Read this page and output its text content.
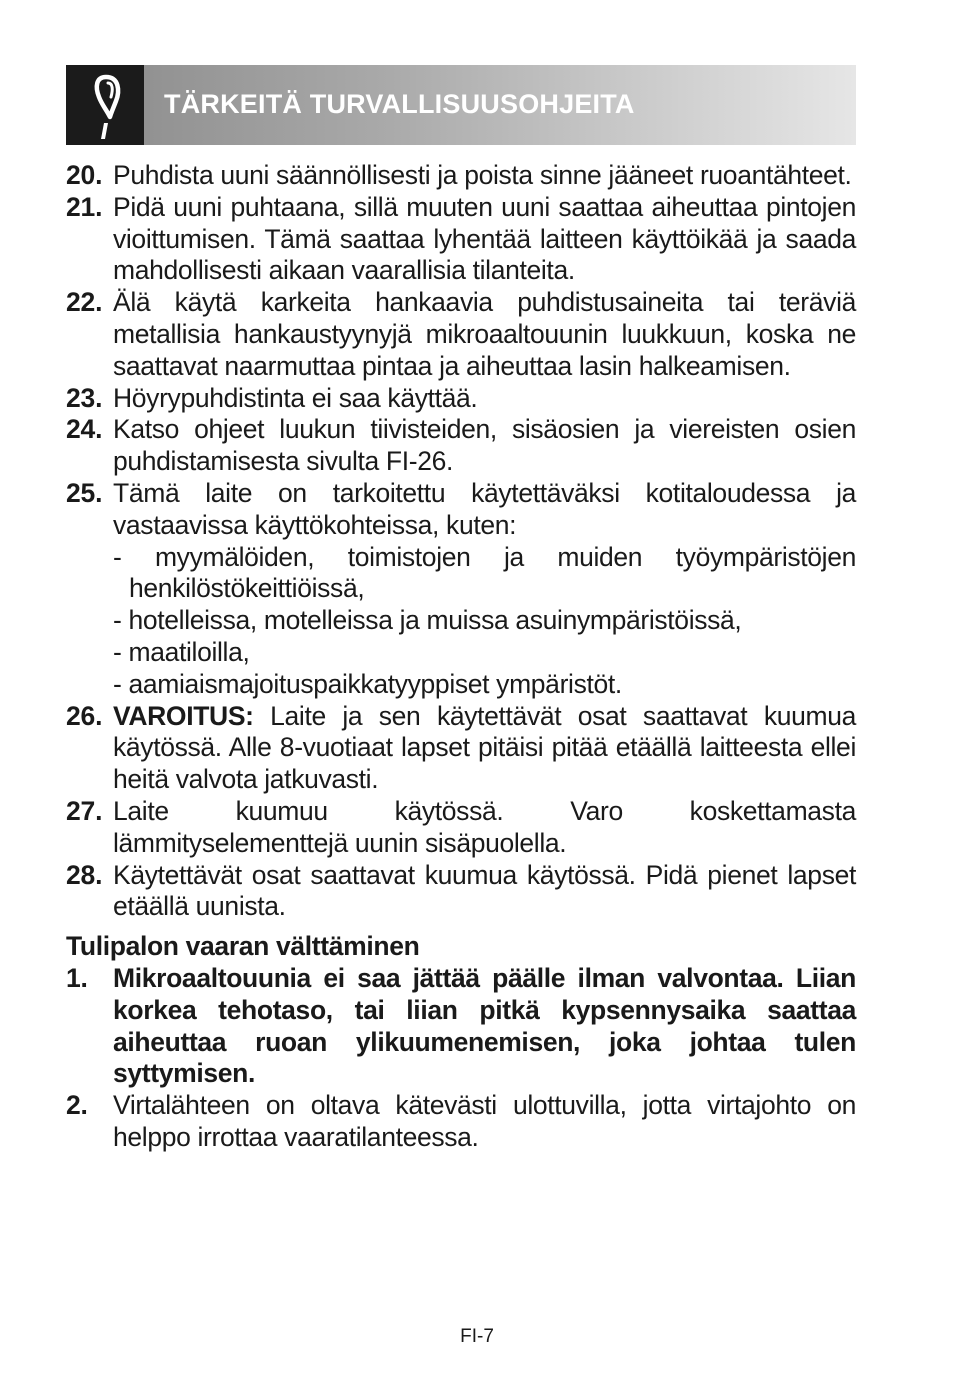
TÄRKEITÄ TURVALLISUUSOHJEITA
20. Puhdista uuni säännöllisesti ja poista sinne jääneet ruoantähteet.
21. Pidä uuni puhtaana, sillä muuten uuni saattaa aiheuttaa pintojen vioittumisen. Tämä saattaa lyhentää laitteen käyttöikää ja saada mahdollisesti aikaan vaarallisia tilanteita.
22. Älä käytä karkeita hankaavia puhdistusaineita tai teräviä metallisia hankaustyynyjä mikroaaltouunin luukkuun, koska ne saattavat naarmuttaa pintaa ja aiheuttaa lasin halkeamisen.
23. Höyrypuhdistinta ei saa käyttää.
24. Katso ohjeet luukun tiivisteiden, sisäosien ja viereisten osien puhdistamisesta sivulta FI-26.
25. Tämä laite on tarkoitettu käytettäväksi kotitaloudessa ja vastaavissa käyttökohteissa, kuten:
- myymälöiden, toimistojen ja muiden työympäristöjen henkilöstökeittiöissä,
- hotelleissa, motelleissa ja muissa asuinympäristöissä,
- maatiloilla,
- aamiaismajoituspaikkatyyppiset ympäristöt.
26. VAROITUS: Laite ja sen käytettävät osat saattavat kuumua käytössä. Alle 8-vuotiaat lapset pitäisi pitää etäällä laitteesta ellei heitä valvota jatkuvasti.
27. Laite kuumuu käytössä. Varo koskettamasta lämmityselementtejä uunin sisäpuolella.
28. Käytettävät osat saattavat kuumua käytössä. Pidä pienet lapset etäällä uunista.
Tulipalon vaaran välttäminen
1. Mikroaaltouunia ei saa jättää päälle ilman valvontaa. Liian korkea tehotaso, tai liian pitkä kypsennysaika saattaa aiheuttaa ruoan ylikuumenemisen, joka johtaa tulen syttymisen.
2. Virtalähteen on oltava kätevästi ulottuvilla, jotta virtajohto on helppo irrottaa vaaratilanteessa.
FI-7
